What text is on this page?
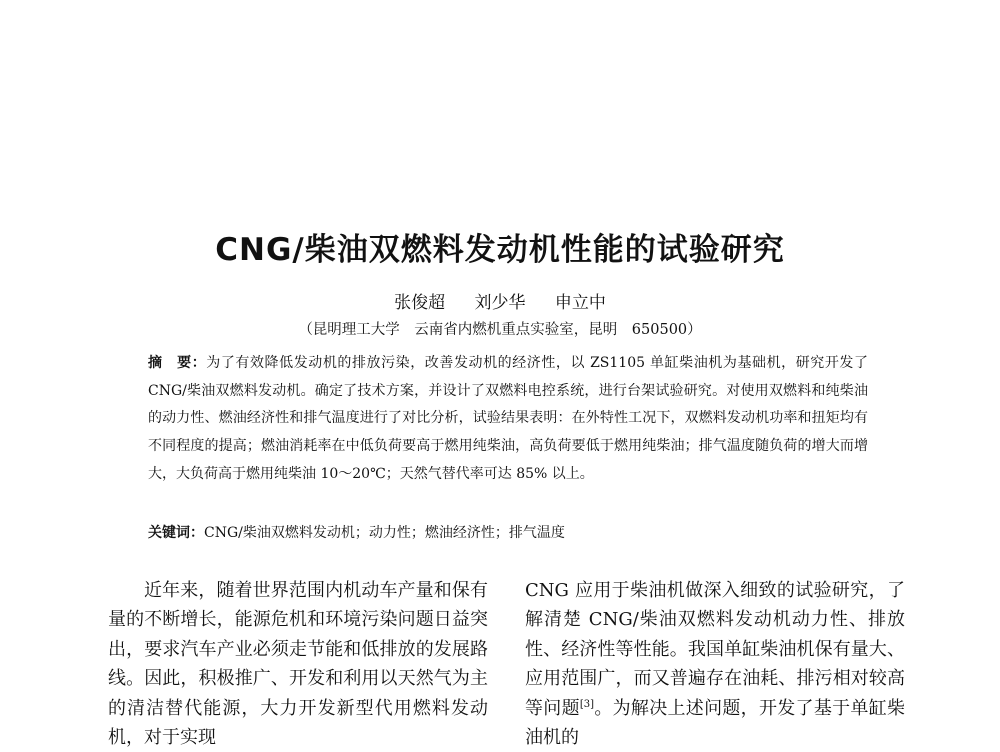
CNG/柴油双燃料发动机性能的试验研究
张俊超 刘少华 申立中
（昆明理工大学　云南省内燃机重点实验室，昆明　650500）

摘　要：为了有效降低发动机的排放污染，改善发动机的经济性，以 ZS1105 单缸柴油机为基础机，研究开发了 CNG/柴油双燃料发动机。确定了技术方案，并设计了双燃料电控系统，进行台架试验研究。对使用双燃料和纯柴油的动力性、燃油经济性和排气温度进行了对比分析，试验结果表明：在外特性工况下，双燃料发动机功率和扭矩均有不同程度的提高；燃油消耗率在中低负荷要高于燃用纯柴油，高负荷要低于燃用纯柴油；排气温度随负荷的增大而增大，大负荷高于燃用纯柴油 10～20℃；天然气替代率可达 85% 以上。

关键词：CNG/柴油双燃料发动机；动力性；燃油经济性；排气温度

近年来，随着世界范围内机动车产量和保有量的不断增长，能源危机和环境污染问题日益突出，要求汽车产业必须走节能和低排放的发展路线。因此，积极推广、开发和利用以天然气为主的清洁替代能源，大力开发新型代用燃料发动机，对于实现

CNG 应用于柴油机做深入细致的试验研究，了解清楚 CNG/柴油双燃料发动机动力性、排放性、经济性等性能。我国单缸柴油机保有量大、应用范围广，而又普遍存在油耗、排污相对较高等问题[3]。为解决上述问题，开发了基于单缸柴油机的
